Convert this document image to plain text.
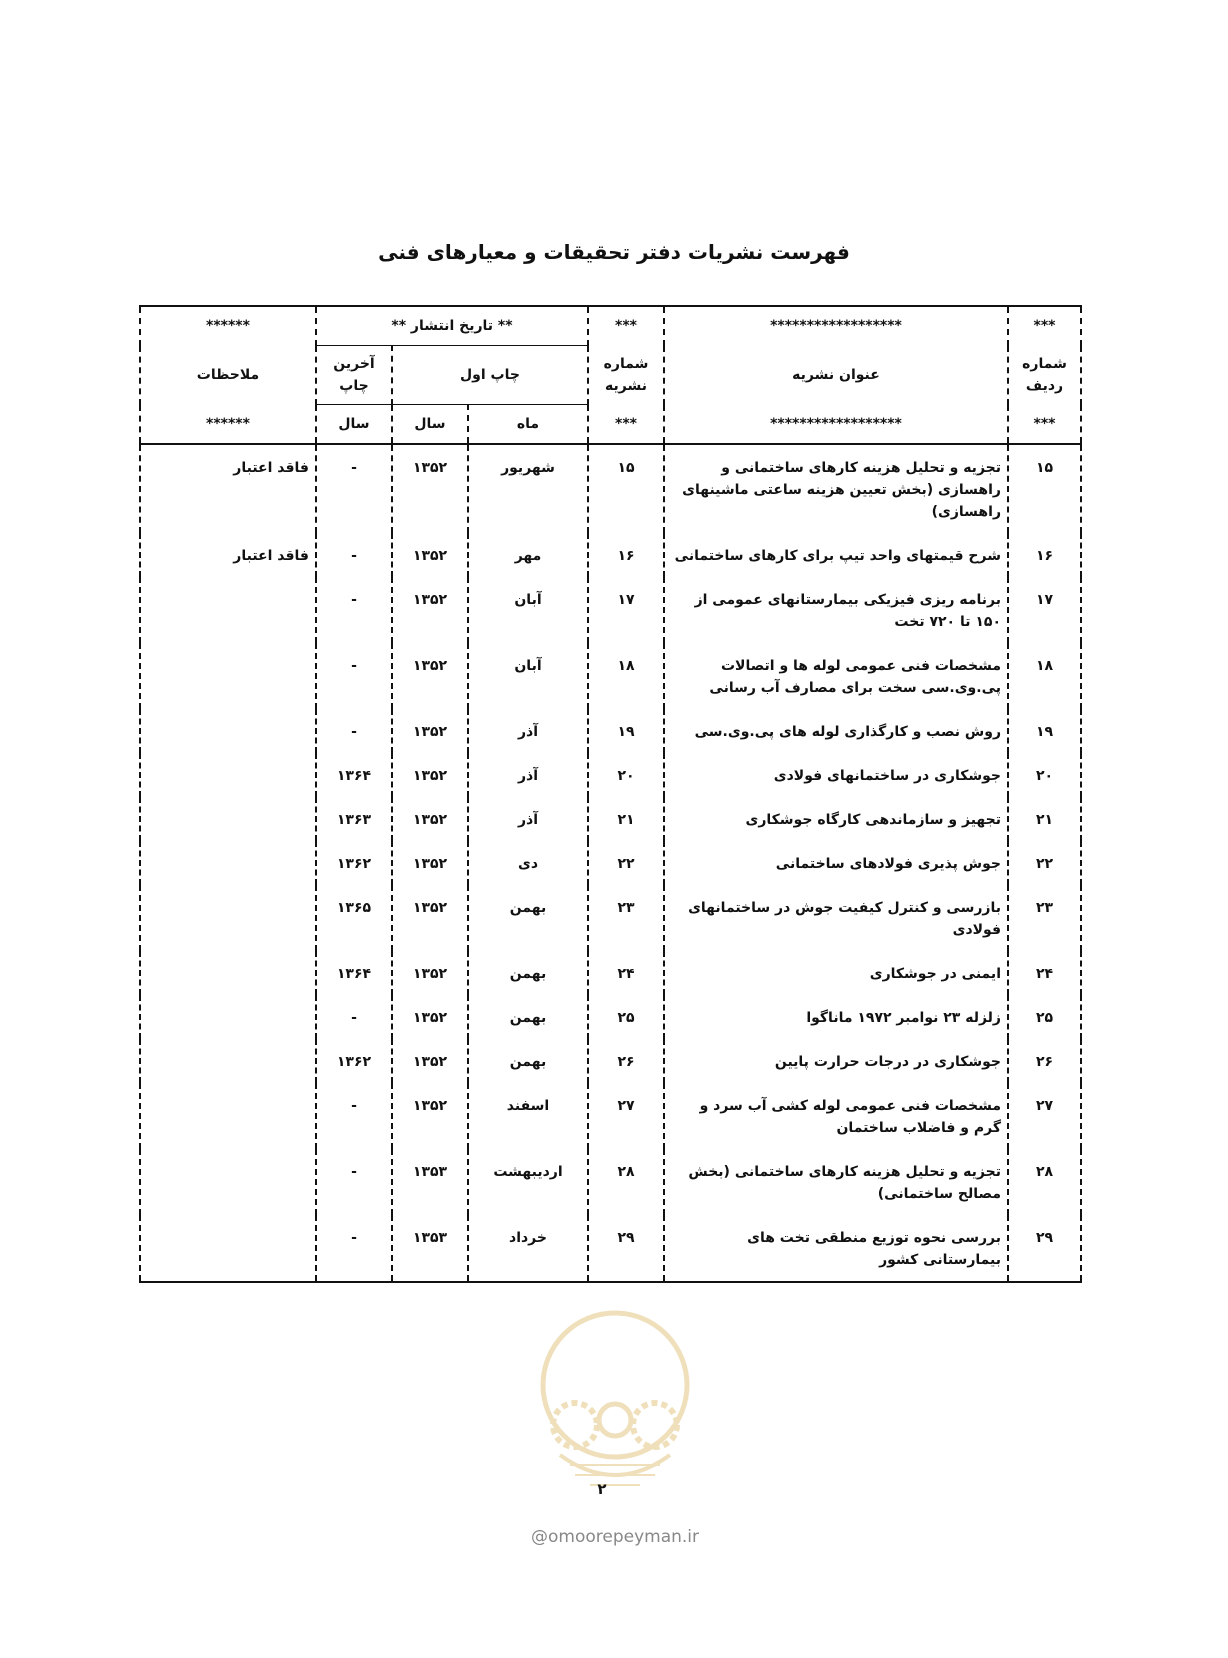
فهرست نشریات دفتر تحقیقات و معیارهای فنی
***	******************	***	** تاریخ انتشار **			******
شماره ردیف	عنوان نشریه	شماره نشریه	چاپ اول		آخرین چاپ	ملاحظات
***	******************	***	ماه	سال	سال	******
۱۵	تجزیه و تحلیل هزینه کارهای ساختمانی و راهسازی (بخش تعیین هزینه ساعتی ماشینهای راهسازی)	۱۵	شهریور	۱۳۵۲	-	فاقد اعتبار
۱۶	شرح قیمتهای واحد تیپ برای کارهای ساختمانی	۱۶	مهر	۱۳۵۲	-	فاقد اعتبار
۱۷	برنامه ریزی فیزیکی بیمارستانهای عمومی از ۱۵۰ تا ۷۲۰ تخت	۱۷	آبان	۱۳۵۲	-	
۱۸	مشخصات فنی عمومی لوله ها و اتصالات پی.وی.سی سخت برای مصارف آب رسانی	۱۸	آبان	۱۳۵۲	-	
۱۹	روش نصب و کارگذاری لوله های پی.وی.سی	۱۹	آذر	۱۳۵۲	-	
۲۰	جوشکاری در ساختمانهای فولادی	۲۰	آذر	۱۳۵۲	۱۳۶۴	
۲۱	تجهیز و سازماندهی کارگاه جوشکاری	۲۱	آذر	۱۳۵۲	۱۳۶۳	
۲۲	جوش پذیری فولادهای ساختمانی	۲۲	دی	۱۳۵۲	۱۳۶۲	
۲۳	بازرسی و کنترل کیفیت جوش در ساختمانهای فولادی	۲۳	بهمن	۱۳۵۲	۱۳۶۵	
۲۴	ایمنی در جوشکاری	۲۴	بهمن	۱۳۵۲	۱۳۶۴	
۲۵	زلزله ۲۳ نوامبر ۱۹۷۲ ماناگوا	۲۵	بهمن	۱۳۵۲	-	
۲۶	جوشکاری در درجات حرارت پایین	۲۶	بهمن	۱۳۵۲	۱۳۶۲	
۲۷	مشخصات فنی عمومی لوله کشی آب سرد و گرم و فاضلاب ساختمان	۲۷	اسفند	۱۳۵۲	-	
۲۸	تجزیه و تحلیل هزینه کارهای ساختمانی (بخش مصالح ساختمانی)	۲۸	اردیبهشت	۱۳۵۳	-	
۲۹	بررسی نحوه توزیع منطقی تخت های بیمارستانی کشور	۲۹	خرداد	۱۳۵۳	-	
۲
@omoorepeyman.ir
